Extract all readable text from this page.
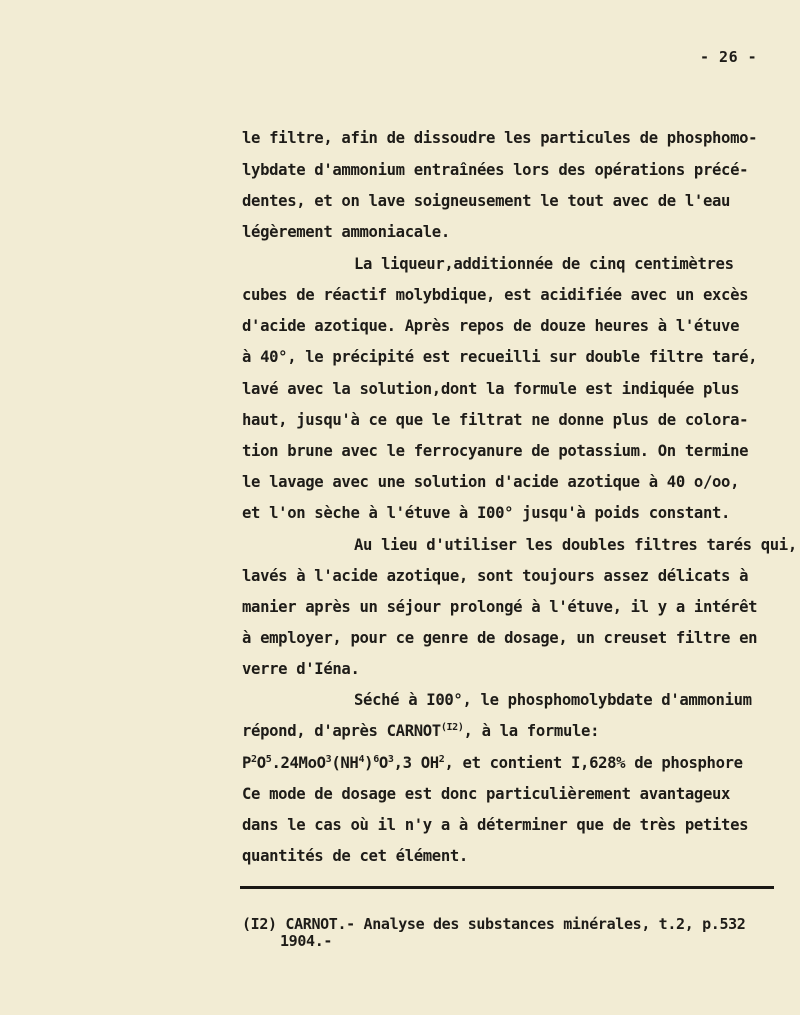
- 26 -
le filtre, afin de dissoudre les particules de phosphomo-
lybdate d'ammonium entraînées lors des opérations précé-
dentes, et on lave soigneusement le tout avec de l'eau
légèrement ammoniacale.
La liqueur,additionnée de cinq centimètres
cubes de réactif molybdique, est acidifiée avec un excès
d'acide azotique. Après repos de douze heures à l'étuve
à 40°, le précipité est recueilli sur double filtre taré,
lavé avec la solution,dont la formule est indiquée plus
haut, jusqu'à ce que le filtrat ne donne plus de colora-
tion brune avec le ferrocyanure de potassium. On termine
le lavage avec une solution d'acide azotique à 40 o/oo,
et l'on sèche à l'étuve à I00° jusqu'à poids constant.
Au lieu d'utiliser les doubles filtres tarés qui,
lavés à l'acide azotique, sont toujours assez délicats à
manier après un séjour prolongé à l'étuve, il y a intérêt
à employer, pour ce genre de dosage, un creuset filtre en
verre d'Iéna.
Séché à I00°, le phosphomolybdate d'ammonium
répond, d'après $CARNOT^{(I2)}$, à la formule:
$P^2O^5.24MoO^3(NH^4)^6O^3,3$ $OH^2$, et contient I,628% de phosphore
Ce mode de dosage est donc particulièrement avantageux
dans le cas où il n'y a à déterminer que de très petites
quantités de cet élément.
(I2) CARNOT.- Analyse des substances minérales, t.2, p.532
1904.-
